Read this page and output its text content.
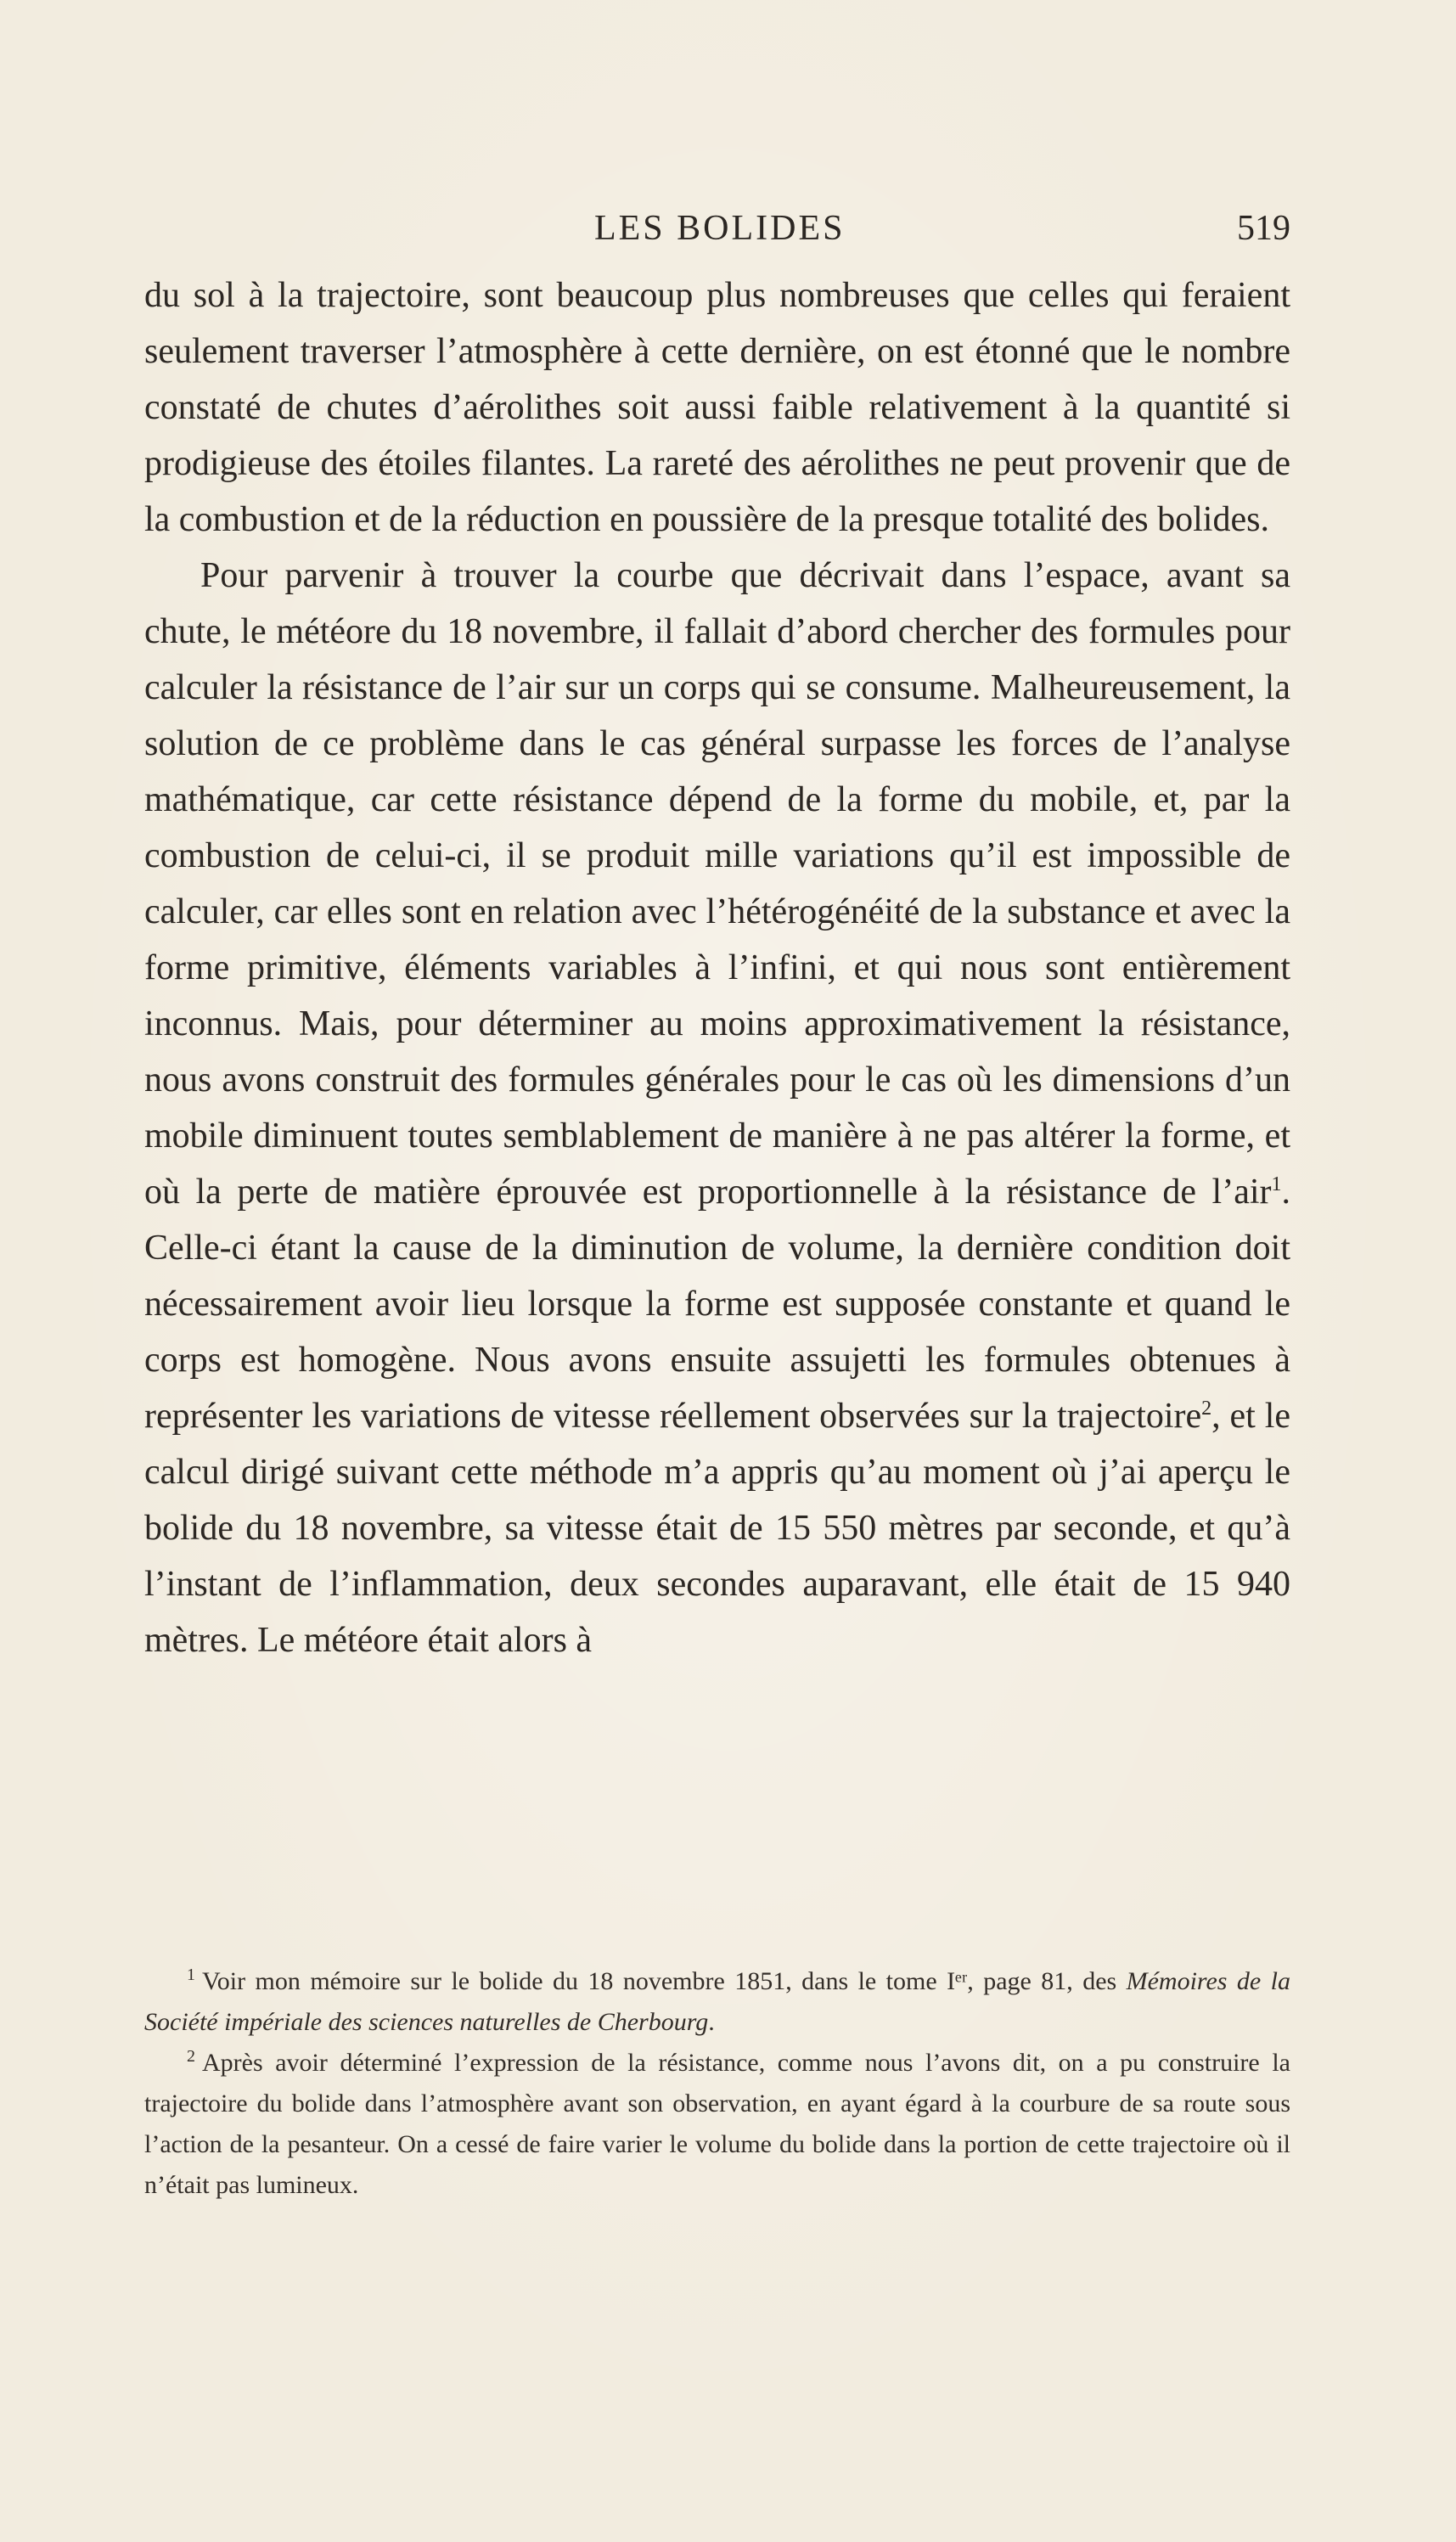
LES BOLIDES	519

du sol à la trajectoire, sont beaucoup plus nombreuses que celles qui feraient seulement traverser l’atmosphère à cette dernière, on est étonné que le nombre constaté de chutes d’aérolithes soit aussi faible relativement à la quantité si prodigieuse des étoiles filantes. La rareté des aérolithes ne peut provenir que de la combustion et de la réduction en poussière de la presque totalité des bolides.

Pour parvenir à trouver la courbe que décrivait dans l’espace, avant sa chute, le météore du 18 novembre, il fallait d’abord chercher des formules pour calculer la résistance de l’air sur un corps qui se consume. Malheureusement, la solution de ce problème dans le cas général surpasse les forces de l’analyse mathématique, car cette résistance dépend de la forme du mobile, et, par la combustion de celui-ci, il se produit mille variations qu’il est impossible de calculer, car elles sont en relation avec l’hétérogénéité de la substance et avec la forme primitive, éléments variables à l’infini, et qui nous sont entièrement inconnus. Mais, pour déterminer au moins approximativement la résistance, nous avons construit des formules générales pour le cas où les dimensions d’un mobile diminuent toutes semblablement de manière à ne pas altérer la forme, et où la perte de matière éprouvée est proportionnelle à la résistance de l’air$^1$. Celle-ci étant la cause de la diminution de volume, la dernière condition doit nécessairement avoir lieu lorsque la forme est supposée constante et quand le corps est homogène. Nous avons ensuite assujetti les formules obtenues à représenter les variations de vitesse réellement observées sur la trajectoire$^2$, et le calcul dirigé suivant cette méthode m’a appris qu’au moment où j’ai aperçu le bolide du 18 novembre, sa vitesse était de 15 550 mètres par seconde, et qu’à l’instant de l’inflammation, deux secondes auparavant, elle était de 15 940 mètres. Le météore était alors à

$^1$ Voir mon mémoire sur le bolide du 18 novembre 1851, dans le tome Iᵉʳ, page 81, des Mémoires de la Société impériale des sciences naturelles de Cherbourg.

$^2$ Après avoir déterminé l’expression de la résistance, comme nous l’avons dit, on a pu construire la trajectoire du bolide dans l’atmosphère avant son observation, en ayant égard à la courbure de sa route sous l’action de la pesanteur. On a cessé de faire varier le volume du bolide dans la portion de cette trajectoire où il n’était pas lumineux.
